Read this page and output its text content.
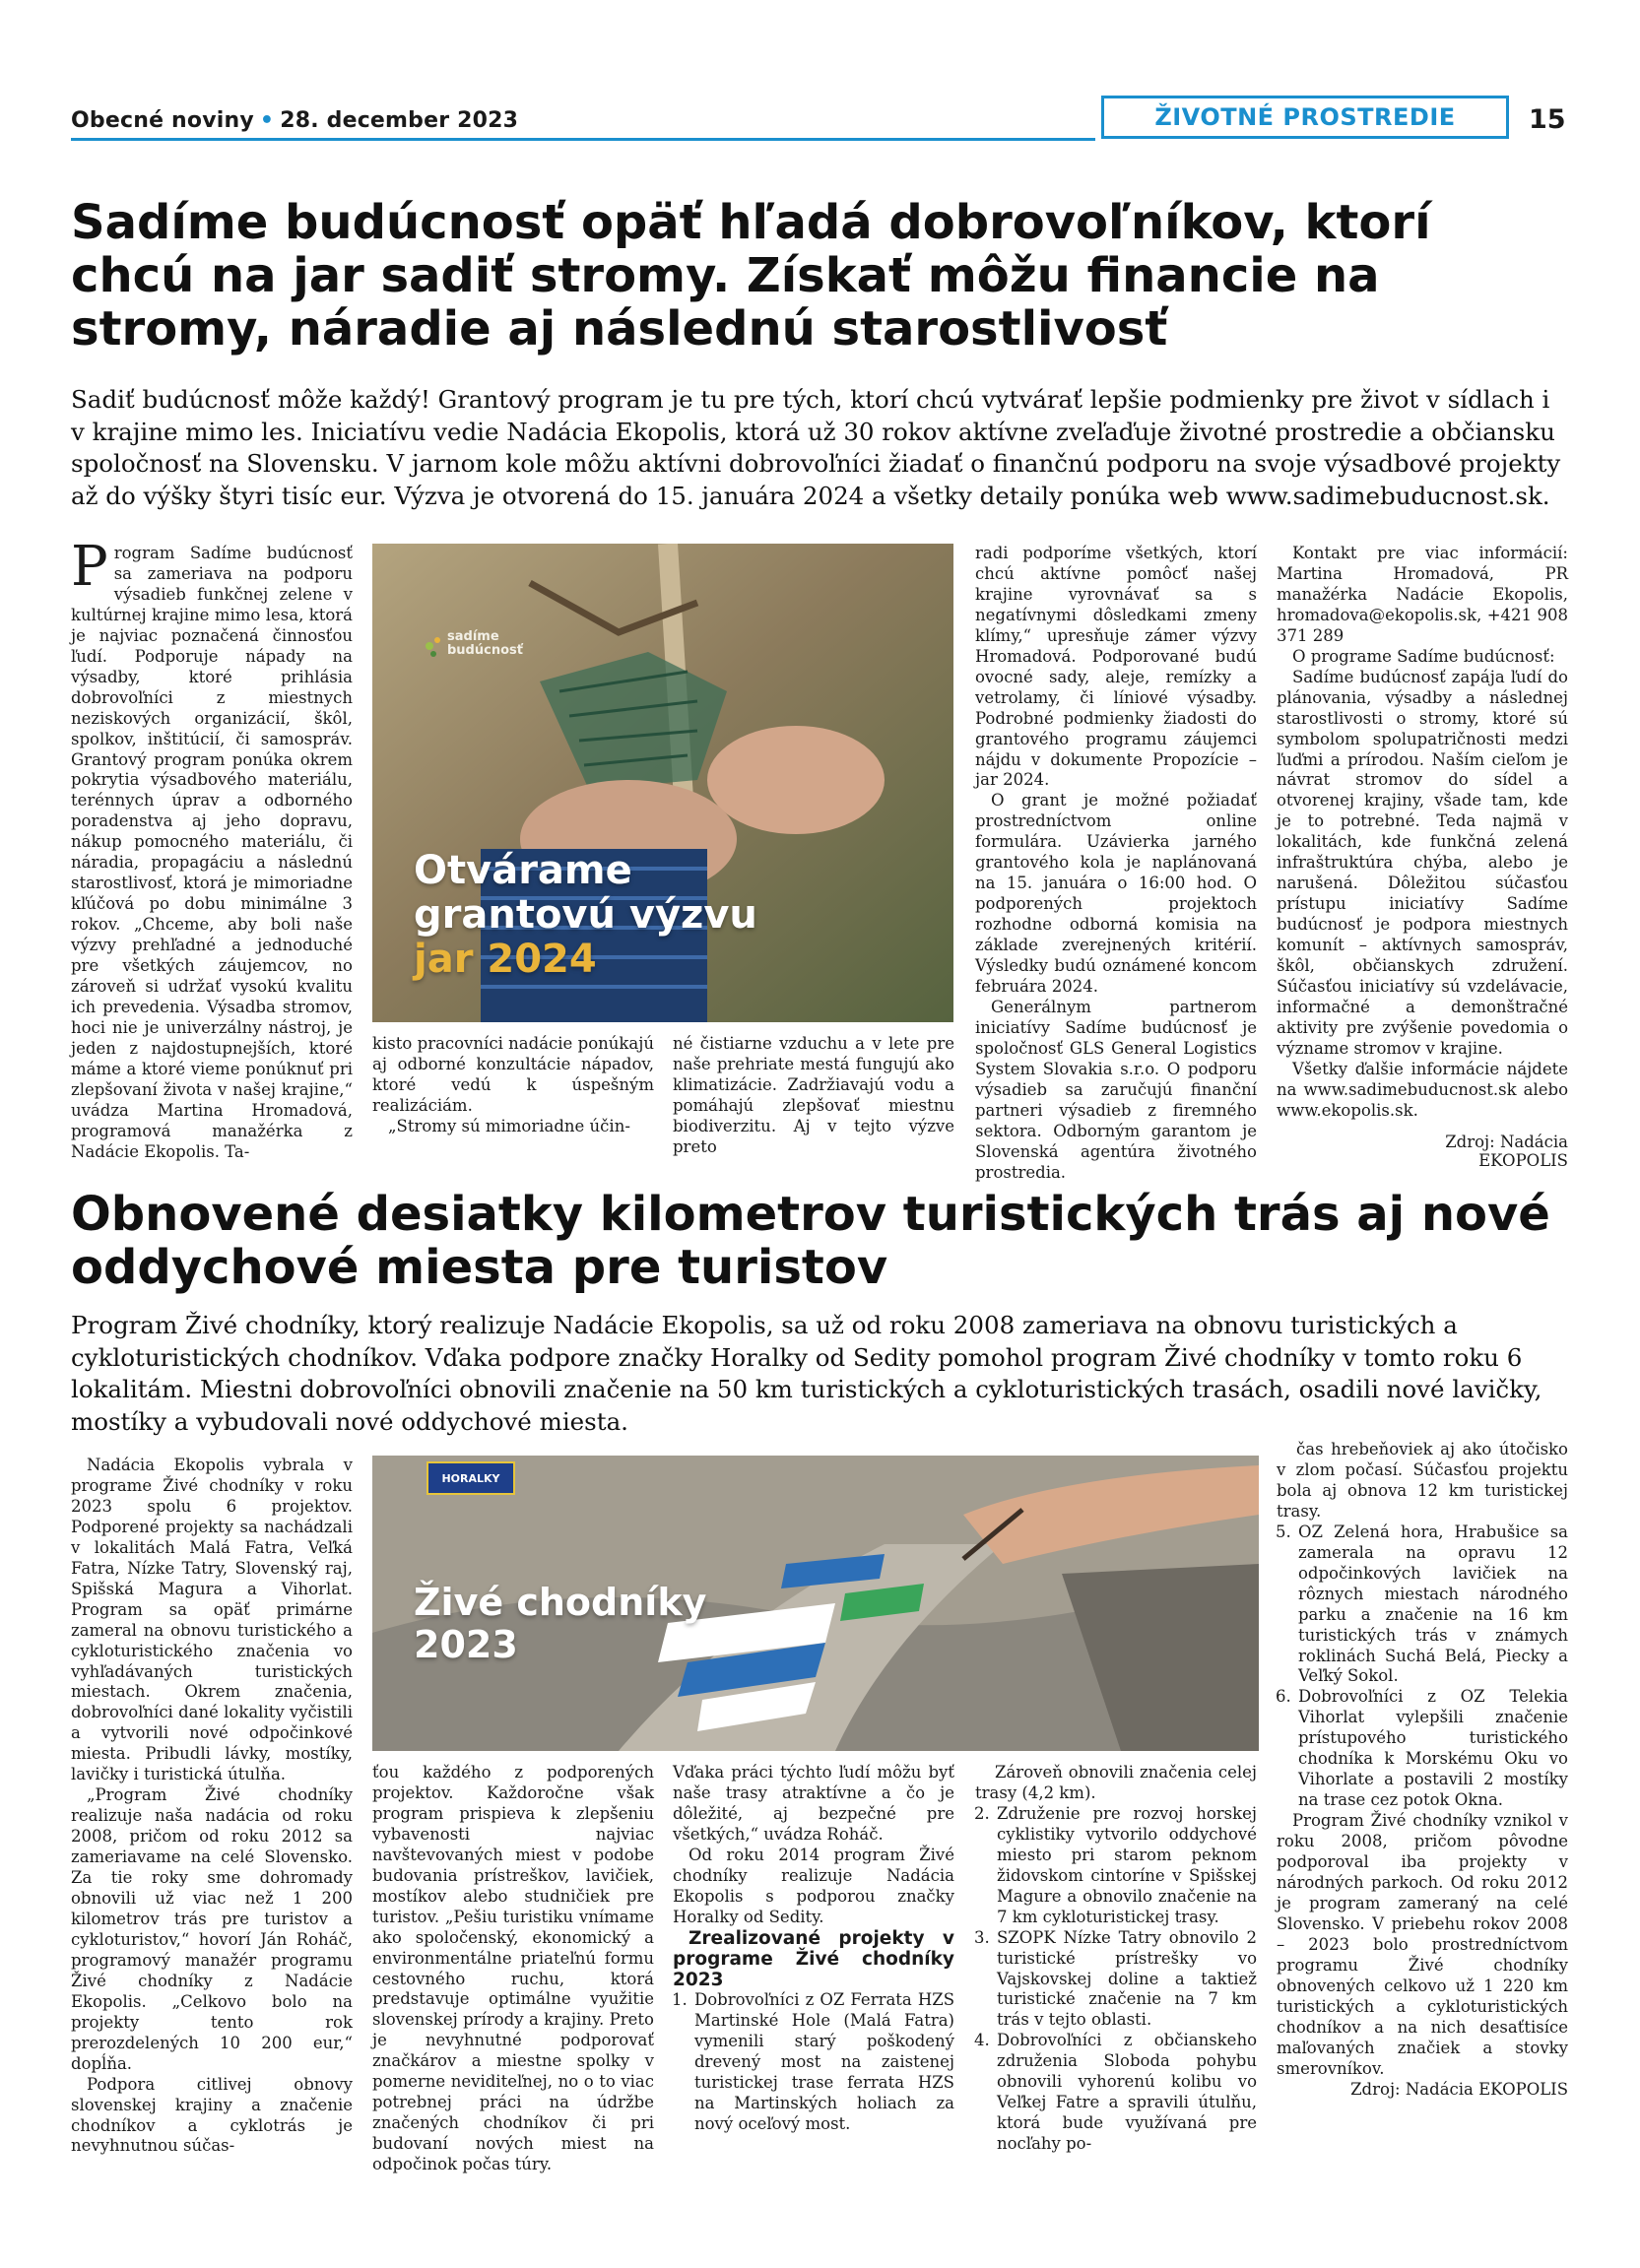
Obecné noviny • 28. december 2023	ŽIVOTNÉ PROSTREDIE	15
Sadíme budúcnosť opäť hľadá dobrovoľníkov, ktorí chcú na jar sadiť stromy. Získať môžu financie na stromy, náradie aj následnú starostlivosť
Sadiť budúcnosť môže každý! Grantový program je tu pre tých, ktorí chcú vytvárať lepšie podmienky pre život v sídlach i v krajine mimo les. Iniciatívu vedie Nadácia Ekopolis, ktorá už 30 rokov aktívne zveľaďuje životné prostredie a občiansku spoločnosť na Slovensku. V jarnom kole môžu aktívni dobrovoľníci žiadať o finančnú podporu na svoje výsadbové projekty až do výšky štyri tisíc eur. Výzva je otvorená do 15. januára 2024 a všetky detaily ponúka web www.sadimebuducnost.sk.

Program Sadíme budúcnosť sa zameriava na podporu výsadieb funkčnej zelene v kultúrnej krajine mimo lesa, ktorá je najviac poznačená činnosťou ľudí. Podporuje nápady na výsadby, ktoré prihlásia dobrovoľníci z miestnych neziskových organizácií, škôl, spolkov, inštitúcií, či samospráv. Grantový program ponúka okrem pokrytia výsadbového materiálu, terénnych úprav a odborného poradenstva aj jeho dopravu, nákup pomocného materiálu, či náradia, propagáciu a následnú starostlivosť, ktorá je mimoriadne kľúčová po dobu minimálne 3 rokov. „Chceme, aby boli naše výzvy prehľadné a jednoduché pre všetkých záujemcov, no zároveň si udržať vysokú kvalitu ich prevedenia. Výsadba stromov, hoci nie je univerzálny nástroj, je jeden z najdostupnejších, ktoré máme a ktoré vieme ponúknuť pri zlepšovaní života v našej krajine,“ uvádza Martina Hromadová, programová manažérka z Nadácie Ekopolis. Ta-

sadíme
budúcnosť
Otvárame
grantovú výzvu
jar 2024

kisto pracovníci nadácie ponúkajú aj odborné konzultácie nápadov, ktoré vedú k úspešným realizáciám.

„Stromy sú mimoriadne účin-

né čistiarne vzduchu a v lete pre naše prehriate mestá fungujú ako klimatizácie. Zadržiavajú vodu a pomáhajú zlepšovať miestnu biodiverzitu. Aj v tejto výzve preto

radi podporíme všetkých, ktorí chcú aktívne pomôcť našej krajine vyrovnávať sa s negatívnymi dôsledkami zmeny klímy,“ upresňuje zámer výzvy Hromadová. Podporované budú ovocné sady, aleje, remízky a vetrolamy, či líniové výsadby. Podrobné podmienky žiadosti do grantového programu záujemci nájdu v dokumente Propozície – jar 2024.

O grant je možné požiadať prostredníctvom online formulára. Uzávierka jarného grantového kola je naplánovaná na 15. januára o 16:00 hod. O podporených projektoch rozhodne odborná komisia na základe zverejnených kritérií. Výsledky budú oznámené koncom februára 2024.

Generálnym partnerom iniciatívy Sadíme budúcnosť je spoločnosť GLS General Logistics System Slovakia s.r.o. O podporu výsadieb sa zaručujú finanční partneri výsadieb z firemného sektora. Odborným garantom je Slovenská agentúra životného prostredia.

Kontakt pre viac informácií: Martina Hromadová, PR manažérka Nadácie Ekopolis, hromadova@ekopolis.sk, +421 908 371 289

O programe Sadíme budúcnosť:

Sadíme budúcnosť zapája ľudí do plánovania, výsadby a následnej starostlivosti o stromy, ktoré sú symbolom spolupatričnosti medzi ľuďmi a prírodou. Naším cieľom je návrat stromov do sídel a otvorenej krajiny, všade tam, kde je to potrebné. Teda najmä v lokalitách, kde funkčná zelená infraštruktúra chýba, alebo je narušená. Dôležitou súčasťou prístupu iniciatívy Sadíme budúcnosť je podpora miestnych komunít – aktívnych samospráv, škôl, občianskych združení. Súčasťou iniciatívy sú vzdelávacie, informačné a demonštračné aktivity pre zvýšenie povedomia o význame stromov v krajine.

Všetky ďalšie informácie nájdete na www.sadimebuducnost.sk alebo www.ekopolis.sk.

Zdroj: Nadácia EKOPOLIS
Obnovené desiatky kilometrov turistických trás aj nové oddychové miesta pre turistov
Program Živé chodníky, ktorý realizuje Nadácie Ekopolis, sa už od roku 2008 zameriava na obnovu turistických a cykloturistických chodníkov. Vďaka podpore značky Horalky od Sedity pomohol program Živé chodníky v tomto roku 6 lokalitám. Miestni dobrovoľníci obnovili značenie na 50 km turistických a cykloturistických trasách, osadili nové lavičky, mostíky a vybudovali nové oddychové miesta.

Nadácia Ekopolis vybrala v programe Živé chodníky v roku 2023 spolu 6 projektov. Podporené projekty sa nachádzali v lokalitách Malá Fatra, Veľká Fatra, Nízke Tatry, Slovenský raj, Spišská Magura a Vihorlat. Program sa opäť primárne zameral na obnovu turistického a cykloturistického značenia vo vyhľadávaných turistických miestach. Okrem značenia, dobrovoľníci dané lokality vyčistili a vytvorili nové odpočinkové miesta. Pribudli lávky, mostíky, lavičky i turistická útulňa.

„Program Živé chodníky realizuje naša nadácia od roku 2008, pričom od roku 2012 sa zameriavame na celé Slovensko. Za tie roky sme dohromady obnovili už viac než 1 200 kilometrov trás pre turistov a cykloturistov,“ hovorí Ján Roháč, programový manažér programu Živé chodníky z Nadácie Ekopolis. „Celkovo bolo na projekty tento rok prerozdelených 10 200 eur,“ dopĺňa.

Podpora citlivej obnovy slovenskej krajiny a značenie chodníkov a cyklotrás je nevyhnutnou súčas-

HORALKY
Živé chodníky
2023

ťou každého z podporených projektov. Každoročne však program prispieva k zlepšeniu vybavenosti najviac navštevovaných miest v podobe budovania prístreškov, lavičiek, mostíkov alebo studničiek pre turistov. „Pešiu turistiku vnímame ako spoločenský, ekonomický a environmentálne priateľnú formu cestovného ruchu, ktorá predstavuje optimálne využitie slovenskej prírody a krajiny. Preto je nevyhnutné podporovať značkárov a miestne spolky v pomerne neviditeľnej, no o to viac potrebnej práci na údržbe značených chodníkov či pri budovaní nových miest na odpočinok počas túry.

Vďaka práci týchto ľudí môžu byť naše trasy atraktívne a čo je dôležité, aj bezpečné pre všetkých,“ uvádza Roháč.

Od roku 2014 program Živé chodníky realizuje Nadácia Ekopolis s podporou značky Horalky od Sedity.

Zrealizované projekty v programe Živé chodníky 2023

1. Dobrovoľníci z OZ Ferrata HZS Martinské Hole (Malá Fatra) vymenili starý poškodený drevený most na zaistenej turistickej trase ferrata HZS na Martinských holiach za nový oceľový most.

Zároveň obnovili značenia celej trasy (4,2 km).

2. Združenie pre rozvoj horskej cyklistiky vytvorilo oddychové miesto pri starom peknom židovskom cintoríne v Spišskej Magure a obnovilo značenie na 7 km cykloturistickej trasy.
3. SZOPK Nízke Tatry obnovilo 2 turistické prístrešky vo Vajskovskej doline a taktiež turistické značenie na 7 km trás v tejto oblasti.
4. Dobrovoľníci z občianskeho združenia Sloboda pohybu obnovili vyhorenú kolibu vo Veľkej Fatre a spravili útulňu, ktorá bude využívaná pre nocľahy po-

čas hrebeňoviek aj ako útočisko v zlom počasí. Súčasťou projektu bola aj obnova 12 km turistickej trasy.

5. OZ Zelená hora, Hrabušice sa zamerala na opravu 12 odpočinkových lavičiek na rôznych miestach národného parku a značenie na 16 km turistických trás v známych roklinách Suchá Belá, Piecky a Veľký Sokol.
6. Dobrovoľníci z OZ Telekia Vihorlat vylepšili značenie prístupového turistického chodníka k Morskému Oku vo Vihorlate a postavili 2 mostíky na trase cez potok Okna.

Program Živé chodníky vznikol v roku 2008, pričom pôvodne podporoval iba projekty v národných parkoch. Od roku 2012 je program zameraný na celé Slovensko. V priebehu rokov 2008 – 2023 bolo prostredníctvom programu Živé chodníky obnovených celkovo už 1 220 km turistických a cykloturistických chodníkov a na nich desaťtisíce maľovaných značiek a stovky smerovníkov.

Zdroj: Nadácia EKOPOLIS
